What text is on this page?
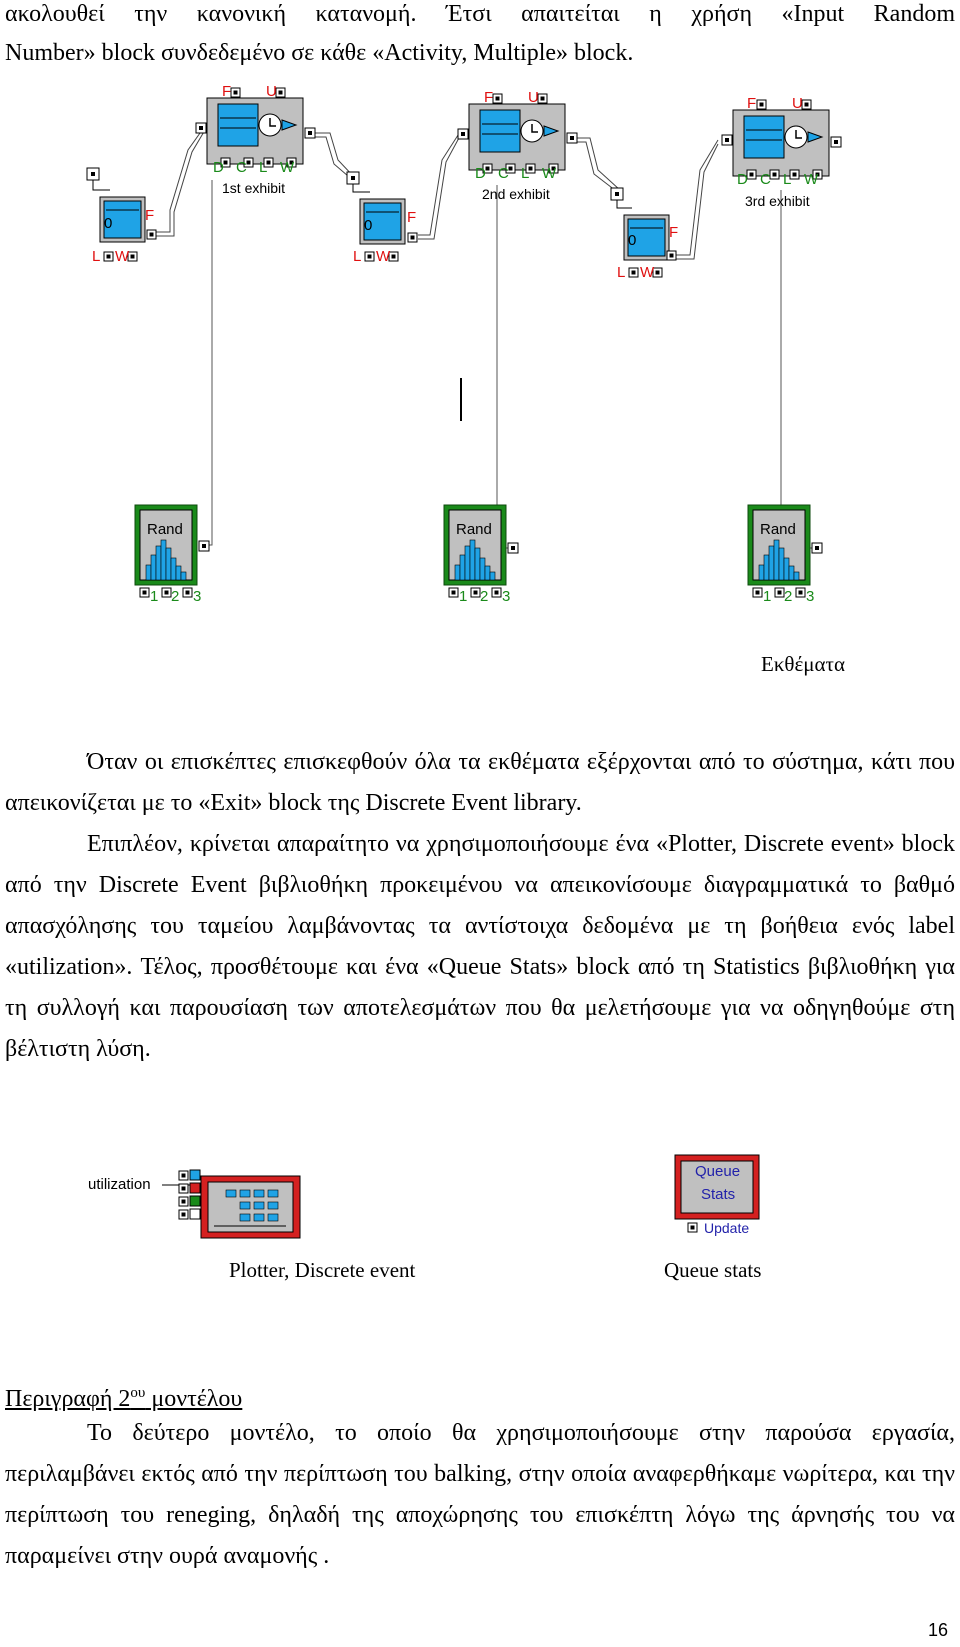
ακολουθεί την κανονική κατανομή. Έτσι απαιτείται η χρήση «Input Random
Number» block συνδεδεμένο σε κάθε «Activity, Multiple» block.
F U
D C L W
1st exhibit
F U
D C L W
2nd exhibit
F U
D C L W
3rd exhibit
0 F
L W
0 F
L W
0 F
L W
Rand	Rand	Rand
1 2 3	1 2 3	1 2 3
Εκθέματα
Όταν οι επισκέπτες επισκεφθούν όλα τα εκθέματα εξέρχονται από το σύστημα, κάτι που απεικονίζεται με το «Exit» block της Discrete Event library.
Επιπλέον, κρίνεται απαραίτητο να χρησιμοποιήσουμε ένα «Plotter, Discrete event» block από την Discrete Event βιβλιοθήκη προκειμένου να απεικονίσουμε διαγραμματικά το βαθμό απασχόλησης του ταμείου λαμβάνοντας τα αντίστοιχα δεδομένα με τη βοήθεια ενός label «utilization». Τέλος, προσθέτουμε και ένα «Queue Stats» block από τη Statistics βιβλιοθήκη για τη συλλογή και παρουσίαση των αποτελεσμάτων που θα μελετήσουμε για να οδηγηθούμε στη βέλτιστη λύση.
utilization
Plotter, Discrete event
Queue
Stats
Update
Queue stats
Περιγραφή $2^{o\upsilon}$ μοντέλου
Το δεύτερο μοντέλο, το οποίο θα χρησιμοποιήσουμε στην παρούσα εργασία, περιλαμβάνει εκτός από την περίπτωση του balking, στην οποία αναφερθήκαμε νωρίτερα, και την περίπτωση του reneging, δηλαδή της αποχώρησης του επισκέπτη λόγω της άρνησής του να παραμείνει στην ουρά αναμονής .
16
